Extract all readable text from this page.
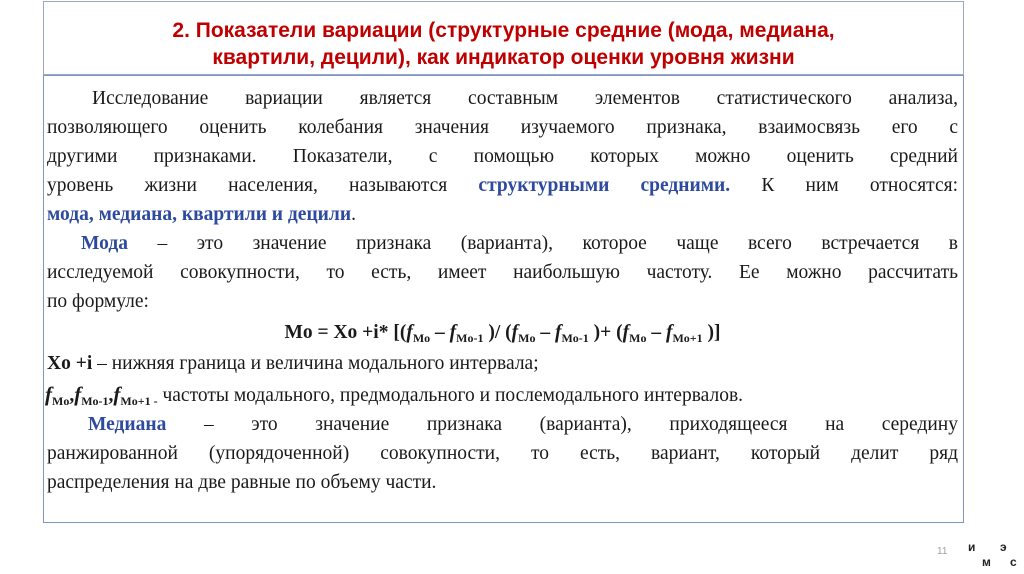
2. Показатели вариации (структурные средние (мода, медиана,
квартили, децили), как индикатор оценки уровня жизни
Исследование вариации является составным элементов статистического анализа,
позволяющего оценить колебания значения изучаемого признака, взаимосвязь его с
другими признаками. Показатели, с помощью которых можно оценить средний
уровень жизни населения, называются структурными средними. К ним относятся:
мода, медиана, квартили и децили.
Мода – это значение признака (варианта), которое чаще всего встречается в
исследуемой совокупности, то есть, имеет наибольшую частоту. Ее можно рассчитать
по формуле:
Mo = Xo +i* [($f_{Mo} - f_{Mo-1}$ )/ ($f_{Mo} - f_{Mo-1}$ )+ ($f_{Mo} - f_{Mo+1}$ )]
Xo +i – нижняя граница и величина модального интервала;
$f_{Mo},f_{Mo-1},f_{Mo+1 -}$ частоты модального, предмодального и послемодального интервалов.
Медиана – это значение признака (варианта), приходящееся на середину
ранжированной (упорядоченной) совокупности, то есть, вариант, который делит ряд
распределения на две равные по объему части.
11 и э
м с
